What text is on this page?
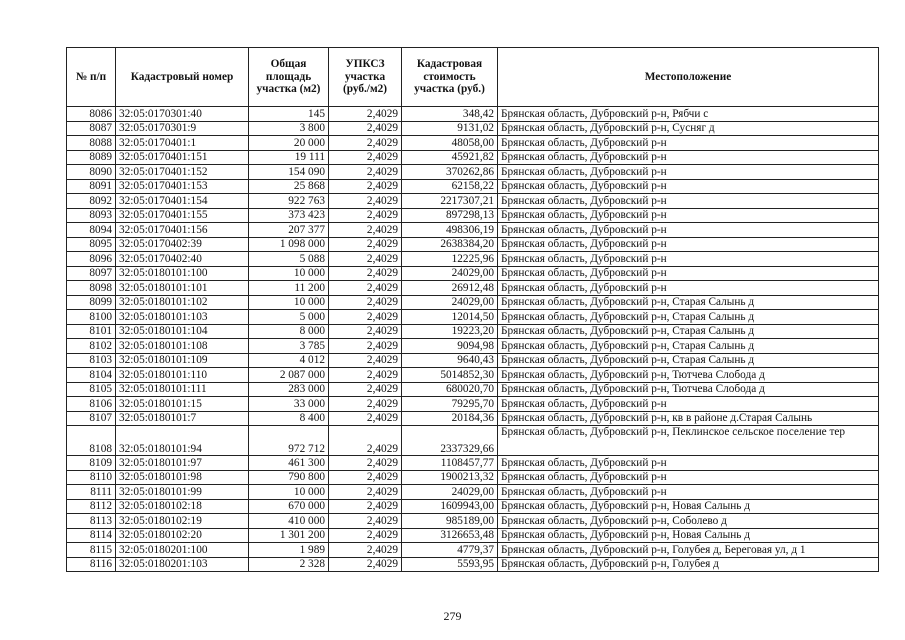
№ п/п	Кадастровый номер	Общая площадь участка (м2)	УПКСЗ участка (руб./м2)	Кадастровая стоимость участка (руб.)	Местоположение
8086	32:05:0170301:40	145	2,4029	348,42	Брянская область, Дубровский р-н, Рябчи с
8087	32:05:0170301:9	3 800	2,4029	9131,02	Брянская область, Дубровский р-н, Сусняг д
8088	32:05:0170401:1	20 000	2,4029	48058,00	Брянская область, Дубровский р-н
8089	32:05:0170401:151	19 111	2,4029	45921,82	Брянская область, Дубровский р-н
8090	32:05:0170401:152	154 090	2,4029	370262,86	Брянская область, Дубровский р-н
8091	32:05:0170401:153	25 868	2,4029	62158,22	Брянская область, Дубровский р-н
8092	32:05:0170401:154	922 763	2,4029	2217307,21	Брянская область, Дубровский р-н
8093	32:05:0170401:155	373 423	2,4029	897298,13	Брянская область, Дубровский р-н
8094	32:05:0170401:156	207 377	2,4029	498306,19	Брянская область, Дубровский р-н
8095	32:05:0170402:39	1 098 000	2,4029	2638384,20	Брянская область, Дубровский р-н
8096	32:05:0170402:40	5 088	2,4029	12225,96	Брянская область, Дубровский р-н
8097	32:05:0180101:100	10 000	2,4029	24029,00	Брянская область, Дубровский р-н
8098	32:05:0180101:101	11 200	2,4029	26912,48	Брянская область, Дубровский р-н
8099	32:05:0180101:102	10 000	2,4029	24029,00	Брянская область, Дубровский р-н, Старая Салынь д
8100	32:05:0180101:103	5 000	2,4029	12014,50	Брянская область, Дубровский р-н, Старая Салынь д
8101	32:05:0180101:104	8 000	2,4029	19223,20	Брянская область, Дубровский р-н, Старая Салынь д
8102	32:05:0180101:108	3 785	2,4029	9094,98	Брянская область, Дубровский р-н, Старая Салынь д
8103	32:05:0180101:109	4 012	2,4029	9640,43	Брянская область, Дубровский р-н, Старая Салынь д
8104	32:05:0180101:110	2 087 000	2,4029	5014852,30	Брянская область, Дубровский р-н, Тютчева Слобода д
8105	32:05:0180101:111	283 000	2,4029	680020,70	Брянская область, Дубровский р-н, Тютчева Слобода д
8106	32:05:0180101:15	33 000	2,4029	79295,70	Брянская область, Дубровский р-н
8107	32:05:0180101:7	8 400	2,4029	20184,36	Брянская область, Дубровский р-н, кв в районе д.Старая Салынь
8108	32:05:0180101:94	972 712	2,4029	2337329,66	Брянская область, Дубровский р-н, Пеклинское сельское поселение тер
8109	32:05:0180101:97	461 300	2,4029	1108457,77	Брянская область, Дубровский р-н
8110	32:05:0180101:98	790 800	2,4029	1900213,32	Брянская область, Дубровский р-н
8111	32:05:0180101:99	10 000	2,4029	24029,00	Брянская область, Дубровский р-н
8112	32:05:0180102:18	670 000	2,4029	1609943,00	Брянская область, Дубровский р-н, Новая Салынь д
8113	32:05:0180102:19	410 000	2,4029	985189,00	Брянская область, Дубровский р-н, Соболево д
8114	32:05:0180102:20	1 301 200	2,4029	3126653,48	Брянская область, Дубровский р-н, Новая Салынь д
8115	32:05:0180201:100	1 989	2,4029	4779,37	Брянская область, Дубровский р-н, Голубея д, Береговая ул, д 1
8116	32:05:0180201:103	2 328	2,4029	5593,95	Брянская область, Дубровский р-н, Голубея д
279
